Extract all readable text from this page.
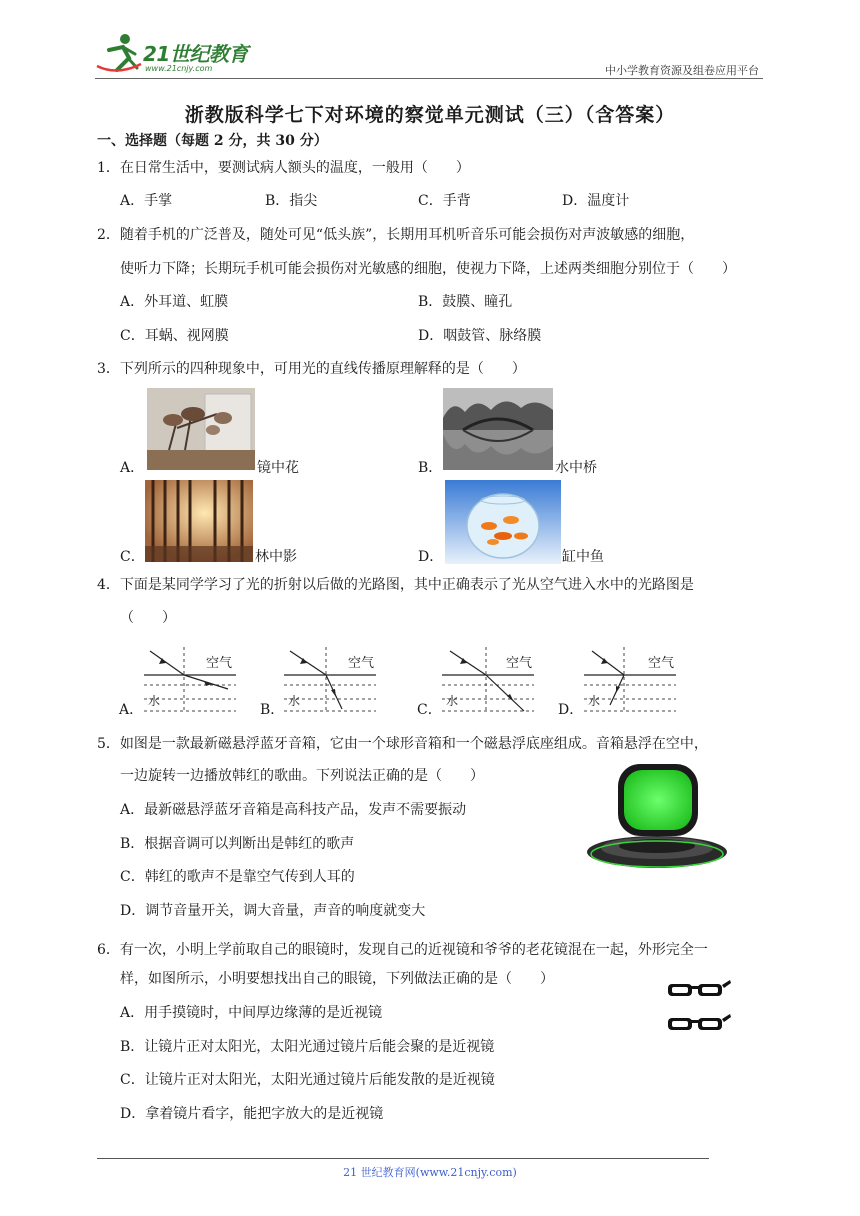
21世纪教育
www.21cnjy.com	中小学教育资源及组卷应用平台
浙教版科学七下对环境的察觉单元测试（三）（含答案）
一、选择题（每题 2 分，共 30 分）
1．在日常生活中，要测试病人额头的温度，一般用（　　）
A．手掌	B．指尖	C．手背	D．温度计
2．随着手机的广泛普及，随处可见“低头族”，长期用耳机听音乐可能会损伤对声波敏感的细胞，
使听力下降；长期玩手机可能会损伤对光敏感的细胞，使视力下降，上述两类细胞分别位于（　　）
A．外耳道、虹膜	B．鼓膜、瞳孔
C．耳蜗、视网膜	D．咽鼓管、脉络膜
3．下列所示的四种现象中，可用光的直线传播原理解释的是（　　）
A．	镜中花	B．	水中桥
C．	林中影	D．	缸中鱼
4．下面是某同学学习了光的折射以后做的光路图，其中正确表示了光从空气进入水中的光路图是
（　　）
A．
空气
水
B．
空气
水
C．
空气
水
D．
空气
水
5．如图是一款最新磁悬浮蓝牙音箱，它由一个球形音箱和一个磁悬浮底座组成。音箱悬浮在空中，
一边旋转一边播放韩红的歌曲。下列说法正确的是（　　）
A．最新磁悬浮蓝牙音箱是高科技产品，发声不需要振动
B．根据音调可以判断出是韩红的歌声
C．韩红的歌声不是靠空气传到人耳的
D．调节音量开关，调大音量，声音的响度就变大
6．有一次，小明上学前取自己的眼镜时，发现自己的近视镜和爷爷的老花镜混在一起，外形完全一
样，如图所示，小明要想找出自己的眼镜，下列做法正确的是（　　）
A．用手摸镜时，中间厚边缘薄的是近视镜
B．让镜片正对太阳光，太阳光通过镜片后能会聚的是近视镜
C．让镜片正对太阳光，太阳光通过镜片后能发散的是近视镜
D．拿着镜片看字，能把字放大的是近视镜
21 世纪教育网(www.21cnjy.com)
